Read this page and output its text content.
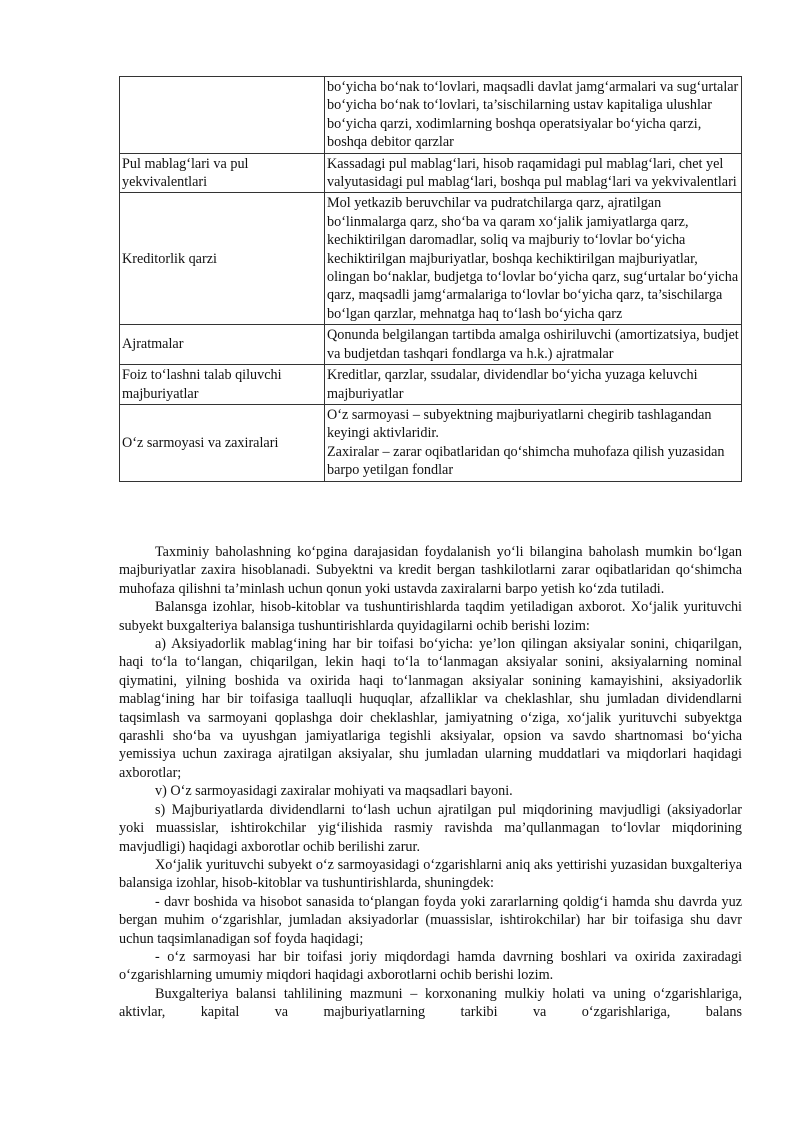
	bo‘yicha bo‘nak to‘lovlari, maqsadli davlat jamg‘armalari va sug‘urtalar bo‘yicha bo‘nak to‘lovlari, ta’sischilarning ustav kapitaliga ulushlar bo‘yicha qarzi, xodimlarning boshqa operatsiyalar bo‘yicha qarzi, boshqa debitor qarzlar
Pul mablag‘lari va pul yekvivalentlari	Kassadagi pul mablag‘lari, hisob raqamidagi pul mablag‘lari, chet yel valyutasidagi pul mablag‘lari, boshqa pul mablag‘lari va yekvivalentlari
Kreditorlik qarzi	Mol yetkazib beruvchilar va pudratchilarga qarz, ajratilgan bo‘linmalarga qarz, sho‘ba va qaram xo‘jalik jamiyatlarga qarz, kechiktirilgan daromadlar, soliq va majburiy to‘lovlar bo‘yicha kechiktirilgan majburiyatlar, boshqa kechiktirilgan majburiyatlar, olingan bo‘naklar, budjetga to‘lovlar bo‘yicha qarz, sug‘urtalar bo‘yicha qarz, maqsadli jamg‘armalariga to‘lovlar bo‘yicha qarz, ta’sischilarga bo‘lgan qarzlar, mehnatga haq to‘lash bo‘yicha qarz
Ajratmalar	Qonunda belgilangan tartibda amalga oshiriluvchi (amortizatsiya, budjet va budjetdan tashqari fondlarga va h.k.) ajratmalar
Foiz to‘lashni talab qiluvchi majburiyatlar	Kreditlar, qarzlar, ssudalar, dividendlar bo‘yicha yuzaga keluvchi majburiyatlar
O‘z sarmoyasi va zaxiralari	O‘z sarmoyasi – subyektning majburiyatlarni chegirib tashlagandan keyingi aktivlaridir.
Zaxiralar – zarar oqibatlaridan qo‘shimcha muhofaza qilish yuzasidan barpo yetilgan fondlar

Taxminiy baholashning ko‘pgina darajasidan foydalanish yo‘li bilangina baholash mumkin bo‘lgan majburiyatlar zaxira hisoblanadi. Subyektni va kredit bergan tashkilotlarni zarar oqibatlaridan qo‘shimcha muhofaza qilishni ta’minlash uchun qonun yoki ustavda zaxiralarni barpo yetish ko‘zda tutiladi.

Balansga izohlar, hisob-kitoblar va tushuntirishlarda taqdim yetiladigan axborot. Xo‘jalik yurituvchi subyekt buxgalteriya balansiga tushuntirishlarda quyidagilarni ochib berishi lozim:

a) Aksiyadorlik mablag‘ining har bir toifasi bo‘yicha: ye’lon qilingan aksiyalar sonini, chiqarilgan, haqi to‘la to‘langan, chiqarilgan, lekin haqi to‘la to‘lanmagan aksiyalar sonini, aksiyalarning nominal qiymatini, yilning boshida va oxirida haqi to‘lanmagan aksiyalar sonining kamayishini, aksiyadorlik mablag‘ining har bir toifasiga taalluqli huquqlar, afzalliklar va cheklashlar, shu jumladan dividendlarni taqsimlash va sarmoyani qoplashga doir cheklashlar, jamiyatning o‘ziga, xo‘jalik yurituvchi subyektga qarashli sho‘ba va uyushgan jamiyatlariga tegishli aksiyalar, opsion va savdo shartnomasi bo‘yicha yemissiya uchun zaxiraga ajratilgan aksiyalar, shu jumladan ularning muddatlari va miqdorlari haqidagi axborotlar;

v) O‘z sarmoyasidagi zaxiralar mohiyati va maqsadlari bayoni.

s) Majburiyatlarda dividendlarni to‘lash uchun ajratilgan pul miqdorining mavjudligi (aksiyadorlar yoki muassislar, ishtirokchilar yig‘ilishida rasmiy ravishda ma’qullanmagan to‘lovlar miqdorining mavjudligi) haqidagi axborotlar ochib berilishi zarur.

Xo‘jalik yurituvchi subyekt o‘z sarmoyasidagi o‘zgarishlarni aniq aks yettirishi yuzasidan buxgalteriya balansiga izohlar, hisob-kitoblar va tushuntirishlarda, shuningdek:

- davr boshida va hisobot sanasida to‘plangan foyda yoki zararlarning qoldig‘i hamda shu davrda yuz bergan muhim o‘zgarishlar, jumladan aksiyadorlar (muassislar, ishtirokchilar) har bir toifasiga shu davr uchun taqsimlanadigan sof foyda haqidagi;

- o‘z sarmoyasi har bir toifasi joriy miqdordagi hamda davrning boshlari va oxirida zaxiradagi o‘zgarishlarning umumiy miqdori haqidagi axborotlarni ochib berishi lozim.

Buxgalteriya balansi tahlilining mazmuni – korxonaning mulkiy holati va uning o‘zgarishlariga, aktivlar, kapital va majburiyatlarning tarkibi va o‘zgarishlariga, balans
